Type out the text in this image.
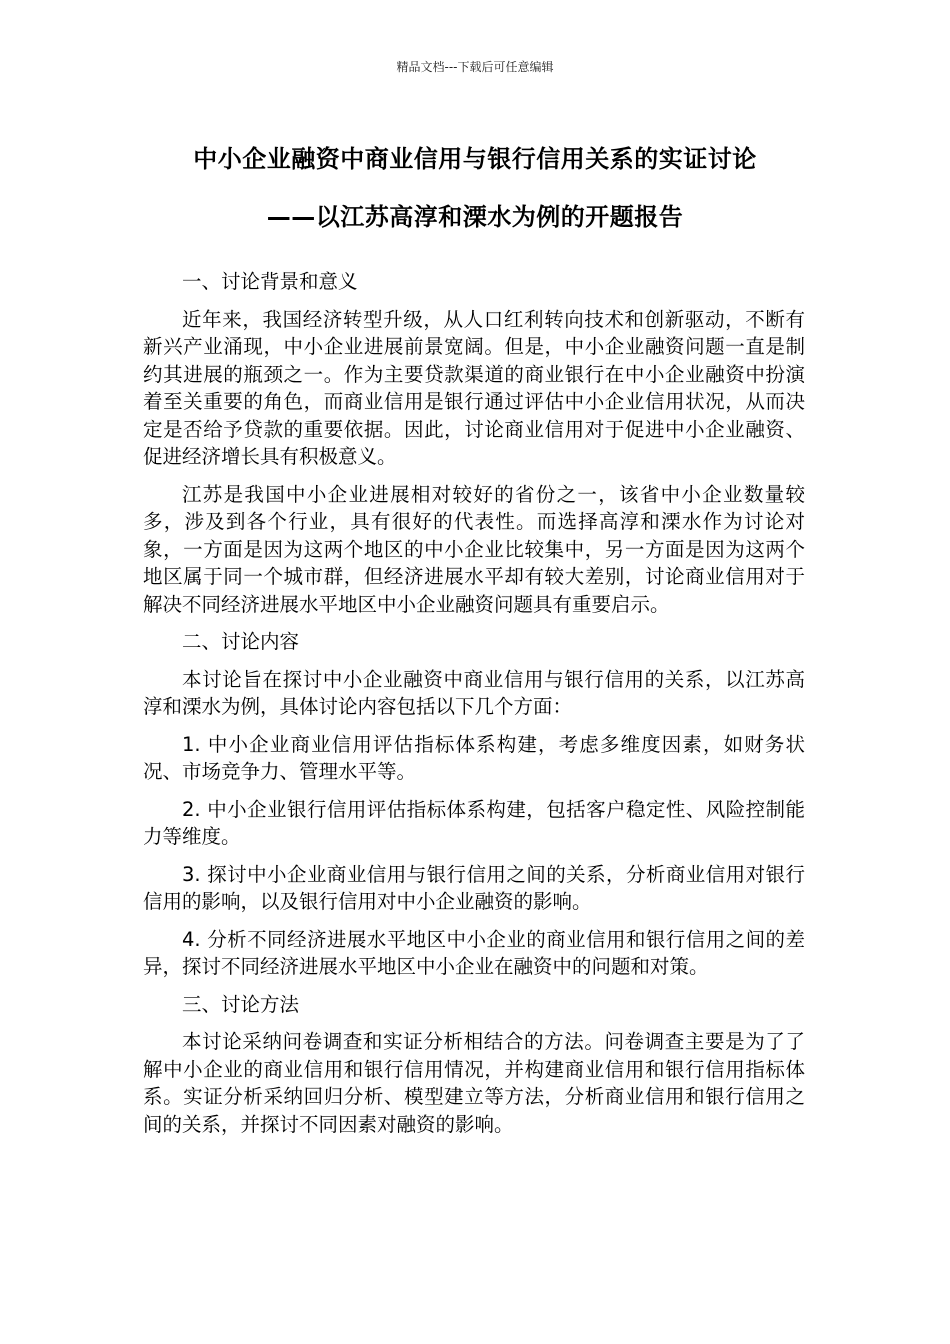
精品文档---下载后可任意编辑
中小企业融资中商业信用与银行信用关系的实证讨论
——以江苏高淳和溧水为例的开题报告
一、讨论背景和意义
近年来，我国经济转型升级，从人口红利转向技术和创新驱动，不断有新兴产业涌现，中小企业进展前景宽阔。但是，中小企业融资问题一直是制约其进展的瓶颈之一。作为主要贷款渠道的商业银行在中小企业融资中扮演着至关重要的角色，而商业信用是银行通过评估中小企业信用状况，从而决定是否给予贷款的重要依据。因此，讨论商业信用对于促进中小企业融资、促进经济增长具有积极意义。
江苏是我国中小企业进展相对较好的省份之一，该省中小企业数量较多，涉及到各个行业，具有很好的代表性。而选择高淳和溧水作为讨论对象，一方面是因为这两个地区的中小企业比较集中，另一方面是因为这两个地区属于同一个城市群，但经济进展水平却有较大差别，讨论商业信用对于解决不同经济进展水平地区中小企业融资问题具有重要启示。
二、讨论内容
本讨论旨在探讨中小企业融资中商业信用与银行信用的关系，以江苏高淳和溧水为例，具体讨论内容包括以下几个方面：
1. 中小企业商业信用评估指标体系构建，考虑多维度因素，如财务状况、市场竞争力、管理水平等。
2. 中小企业银行信用评估指标体系构建，包括客户稳定性、风险控制能力等维度。
3. 探讨中小企业商业信用与银行信用之间的关系，分析商业信用对银行信用的影响，以及银行信用对中小企业融资的影响。
4. 分析不同经济进展水平地区中小企业的商业信用和银行信用之间的差异，探讨不同经济进展水平地区中小企业在融资中的问题和对策。
三、讨论方法
本讨论采纳问卷调查和实证分析相结合的方法。问卷调查主要是为了了解中小企业的商业信用和银行信用情况，并构建商业信用和银行信用指标体系。实证分析采纳回归分析、模型建立等方法，分析商业信用和银行信用之间的关系，并探讨不同因素对融资的影响。
